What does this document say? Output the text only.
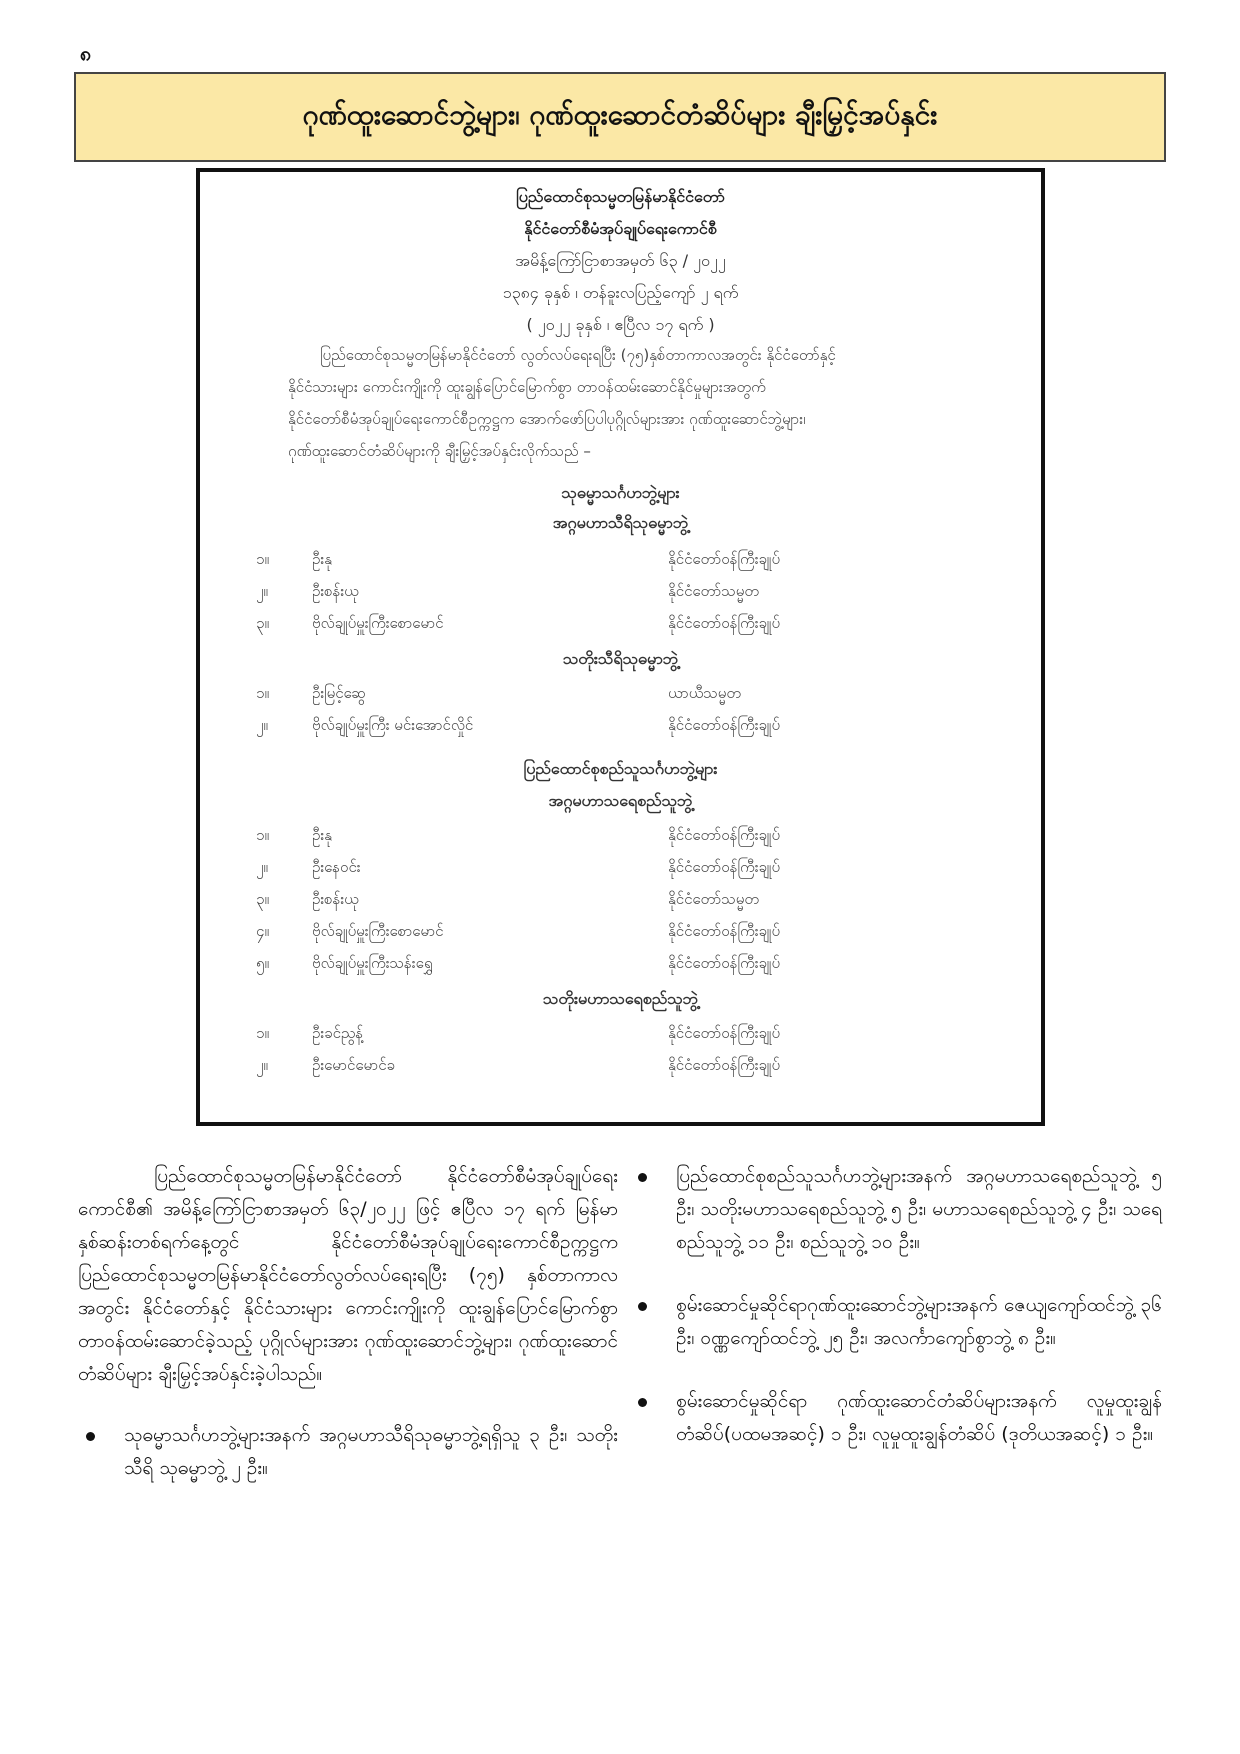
၈
ဂုဏ်ထူးဆောင်ဘွဲ့များ၊ ဂုဏ်ထူးဆောင်တံဆိပ်များ ချီးမြှင့်အပ်နှင်း
ပြည်ထောင်စုသမ္မတမြန်မာနိုင်ငံတော်
နိုင်ငံတော်စီမံအုပ်ချုပ်ရေးကောင်စီ
အမိန့်ကြော်ငြာစာအမှတ် ၆၃ / ၂၀၂၂
၁၃၈၄ ခုနှစ် ၊ တန်ခူးလပြည့်ကျော် ၂ ရက်
( ၂၀၂၂ ခုနှစ် ၊ ဧပြီလ ၁၇ ရက် )
ပြည်ထောင်စုသမ္မတမြန်မာနိုင်ငံတော် လွတ်လပ်ရေးရပြီး (၇၅)နှစ်တာကာလအတွင်း နိုင်ငံတော်နှင့်
နိုင်ငံသားများ ကောင်းကျိုးကို ထူးချွန်ပြောင်မြောက်စွာ တာဝန်ထမ်းဆောင်နိုင်မှုများအတွက်
နိုင်ငံတော်စီမံအုပ်ချုပ်ရေးကောင်စီဥက္ကဋ္ဌက အောက်ဖော်ပြပါပုဂ္ဂိုလ်များအား ဂုဏ်ထူးဆောင်ဘွဲ့များ၊
ဂုဏ်ထူးဆောင်တံဆိပ်များကို ချီးမြှင့်အပ်နှင်းလိုက်သည် –
သုဓမ္မာသင်္ဂဟဘွဲ့များ
အဂ္ဂမဟာသီရိသုဓမ္မာဘွဲ့
၁။	ဦးနု	နိုင်ငံတော်ဝန်ကြီးချုပ်
၂။	ဦးစန်းယု	နိုင်ငံတော်သမ္မတ
၃။	ဗိုလ်ချုပ်မှူးကြီးစောမောင်	နိုင်ငံတော်ဝန်ကြီးချုပ်
သတိုးသီရိသုဓမ္မာဘွဲ့
၁။	ဦးမြင့်ဆွေ	ယာယီသမ္မတ
၂။	ဗိုလ်ချုပ်မှူးကြီး မင်းအောင်လှိုင်	နိုင်ငံတော်ဝန်ကြီးချုပ်
ပြည်ထောင်စုစည်သူသင်္ဂဟဘွဲ့များ
အဂ္ဂမဟာသရေစည်သူဘွဲ့
၁။	ဦးနု	နိုင်ငံတော်ဝန်ကြီးချုပ်
၂။	ဦးနေဝင်း	နိုင်ငံတော်ဝန်ကြီးချုပ်
၃။	ဦးစန်းယု	နိုင်ငံတော်သမ္မတ
၄။	ဗိုလ်ချုပ်မှူးကြီးစောမောင်	နိုင်ငံတော်ဝန်ကြီးချုပ်
၅။	ဗိုလ်ချုပ်မှူးကြီးသန်းရွှေ	နိုင်ငံတော်ဝန်ကြီးချုပ်
သတိုးမဟာသရေစည်သူဘွဲ့
၁။	ဦးခင်ညွန့်	နိုင်ငံတော်ဝန်ကြီးချုပ်
၂။	ဦးမောင်မောင်ခ	နိုင်ငံတော်ဝန်ကြီးချုပ်

ပြည်ထောင်စုသမ္မတမြန်မာနိုင်ငံတော် နိုင်ငံတော်စီမံအုပ်ချုပ်ရေးကောင်စီ၏ အမိန့်ကြော်ငြာစာအမှတ် ၆၃/၂၀၂၂ ဖြင့် ဧပြီလ ၁၇ ရက် မြန်မာနှစ်ဆန်းတစ်ရက်နေ့တွင် နိုင်ငံတော်စီမံအုပ်ချုပ်ရေးကောင်စီဥက္ကဋ္ဌက ပြည်ထောင်စုသမ္မတမြန်မာနိုင်ငံတော်လွတ်လပ်ရေးရပြီး (၇၅) နှစ်တာကာလအတွင်း နိုင်ငံတော်နှင့် နိုင်ငံသားများ ကောင်းကျိုးကို ထူးချွန်ပြောင်မြောက်စွာ တာဝန်ထမ်းဆောင်ခဲ့သည့် ပုဂ္ဂိုလ်များအား ဂုဏ်ထူးဆောင်ဘွဲ့များ၊ ဂုဏ်ထူးဆောင်တံဆိပ်များ ချီးမြှင့်အပ်နှင်းခဲ့ပါသည်။

သုဓမ္မာသင်္ဂဟဘွဲ့များအနက် အဂ္ဂမဟာသီရိသုဓမ္မာဘွဲ့ရရှိသူ ၃ ဦး၊ သတိုးသီရိ သုဓမ္မာဘွဲ့ ၂ ဦး။
ပြည်ထောင်စုစည်သူသင်္ဂဟဘွဲ့များအနက် အဂ္ဂမဟာသရေစည်သူဘွဲ့ ၅ ဦး၊ သတိုးမဟာသရေစည်သူဘွဲ့ ၅ ဦး၊ မဟာသရေစည်သူဘွဲ့ ၄ ဦး၊ သရေစည်သူဘွဲ့ ၁၁ ဦး၊ စည်သူဘွဲ့ ၁၀ ဦး။
စွမ်းဆောင်မှုဆိုင်ရာဂုဏ်ထူးဆောင်ဘွဲ့များအနက် ဇေယျကျော်ထင်ဘွဲ့ ၃၆ ဦး၊ ဝဏ္ဏကျော်ထင်ဘွဲ့ ၂၅ ဦး၊ အလင်္ကာကျော်စွာဘွဲ့ ၈ ဦး။
စွမ်းဆောင်မှုဆိုင်ရာ ဂုဏ်ထူးဆောင်တံဆိပ်များအနက် လူမှုထူးချွန်တံဆိပ်(ပထမအဆင့်) ၁ ဦး၊ လူမှုထူးချွန်တံဆိပ် (ဒုတိယအဆင့်) ၁ ဦး။
